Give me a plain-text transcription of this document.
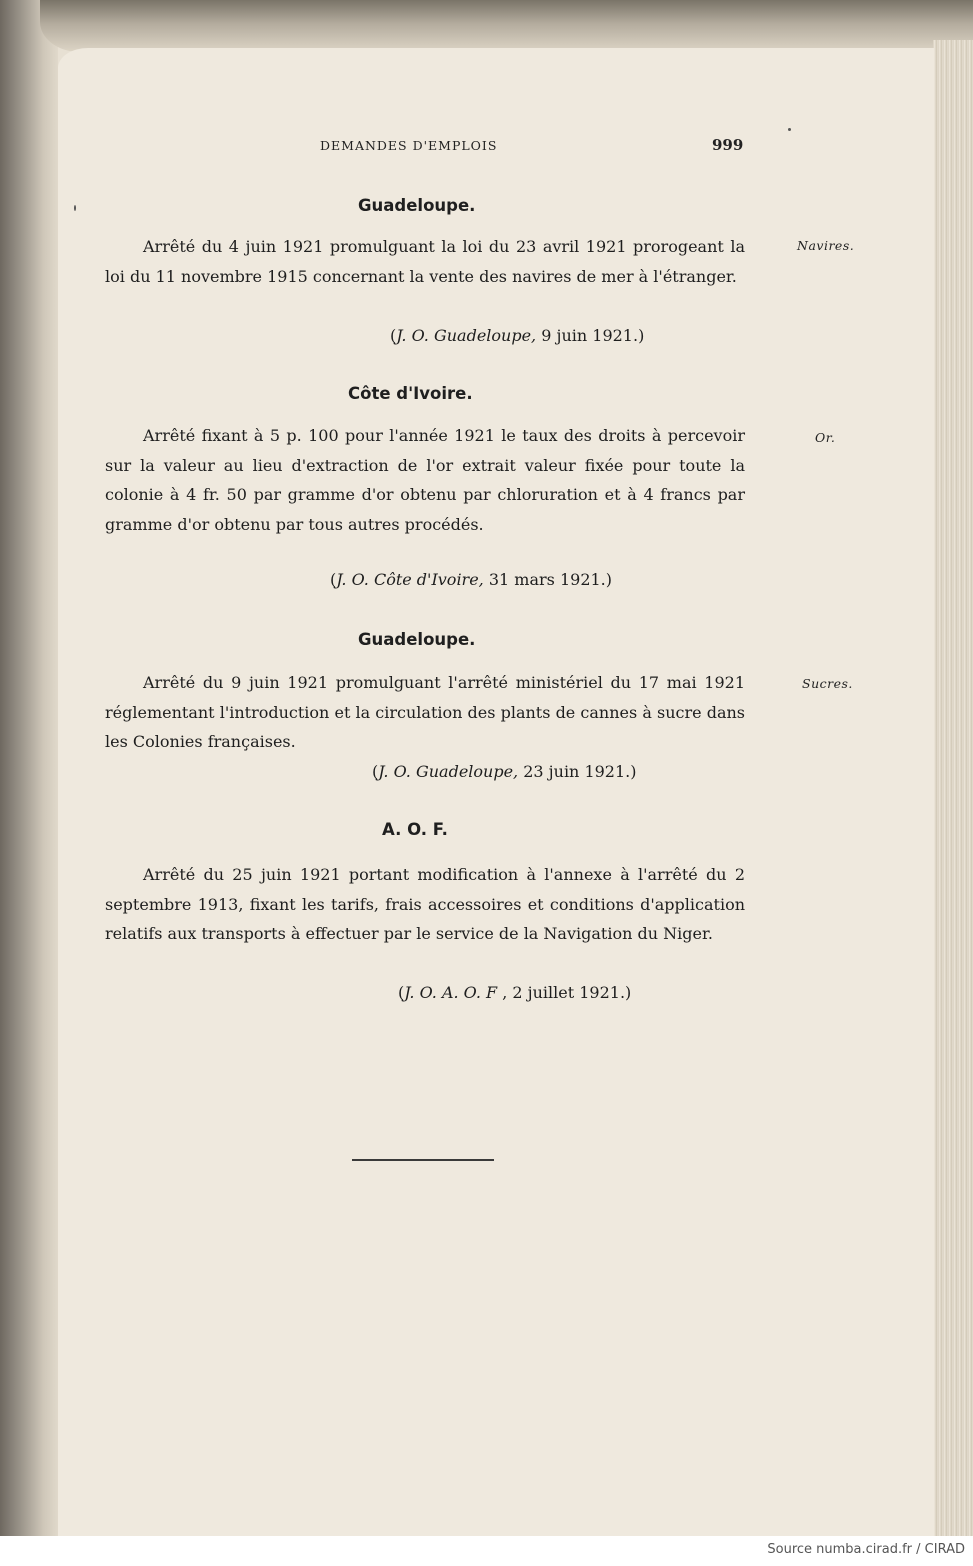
DEMANDES D'EMPLOIS	999
Guadeloupe.

Arrêté du 4 juin 1921 promulguant la loi du 23 avril 1921 prorogeant la loi du 11 novembre 1915 concernant la vente des navires de mer à l'étranger.

(J. O. Guadeloupe, 9 juin 1921.)
Navires.
Côte d'Ivoire.

Arrêté fixant à 5 p. 100 pour l'année 1921 le taux des droits à percevoir sur la valeur au lieu d'extraction de l'or extrait valeur fixée pour toute la colonie à 4 fr. 50 par gramme d'or obtenu par chloruration et à 4 francs par gramme d'or obtenu par tous autres procédés.

(J. O. Côte d'Ivoire, 31 mars 1921.)
Or.
Guadeloupe.

Arrêté du 9 juin 1921 promulguant l'arrêté ministériel du 17 mai 1921 réglementant l'introduction et la circulation des plants de cannes à sucre dans les Colonies françaises.

(J. O. Guadeloupe, 23 juin 1921.)
Sucres.
A. O. F.

Arrêté du 25 juin 1921 portant modification à l'annexe à l'arrêté du 2 septembre 1913, fixant les tarifs, frais accessoires et conditions d'application relatifs aux transports à effectuer par le service de la Navigation du Niger.

(J. O. A. O. F , 2 juillet 1921.)
Source numba.cirad.fr / CIRAD
